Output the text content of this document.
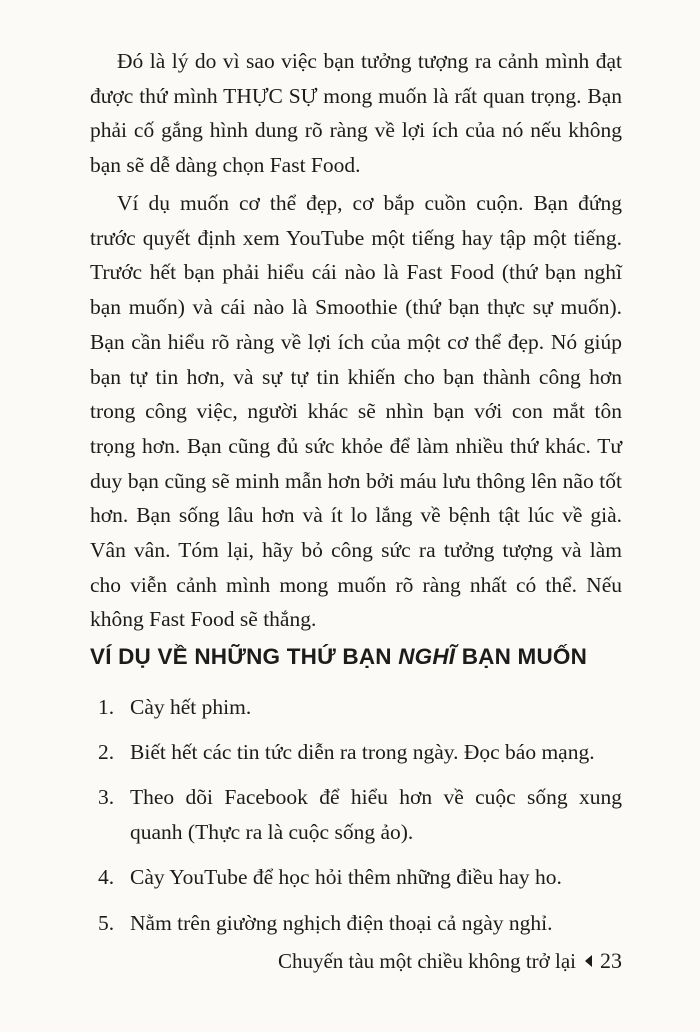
Đó là lý do vì sao việc bạn tưởng tượng ra cảnh mình đạt được thứ mình THỰC SỰ mong muốn là rất quan trọng. Bạn phải cố gắng hình dung rõ ràng về lợi ích của nó nếu không bạn sẽ dễ dàng chọn Fast Food.

Ví dụ muốn cơ thể đẹp, cơ bắp cuồn cuộn. Bạn đứng trước quyết định xem YouTube một tiếng hay tập một tiếng. Trước hết bạn phải hiểu cái nào là Fast Food (thứ bạn nghĩ bạn muốn) và cái nào là Smoothie (thứ bạn thực sự muốn). Bạn cần hiểu rõ ràng về lợi ích của một cơ thể đẹp. Nó giúp bạn tự tin hơn, và sự tự tin khiến cho bạn thành công hơn trong công việc, người khác sẽ nhìn bạn với con mắt tôn trọng hơn. Bạn cũng đủ sức khỏe để làm nhiều thứ khác. Tư duy bạn cũng sẽ minh mẫn hơn bởi máu lưu thông lên não tốt hơn. Bạn sống lâu hơn và ít lo lắng về bệnh tật lúc về già. Vân vân. Tóm lại, hãy bỏ công sức ra tưởng tượng và làm cho viễn cảnh mình mong muốn rõ ràng nhất có thể. Nếu không Fast Food sẽ thắng.

VÍ DỤ VỀ NHỮNG THỨ BẠN NGHĨ BẠN MUỐN
1. Cày hết phim.
2. Biết hết các tin tức diễn ra trong ngày. Đọc báo mạng.
3. Theo dõi Facebook để hiểu hơn về cuộc sống xung quanh (Thực ra là cuộc sống ảo).
4. Cày YouTube để học hỏi thêm những điều hay ho.
5. Nằm trên giường nghịch điện thoại cả ngày nghỉ.
Chuyến tàu một chiều không trở lại 23
